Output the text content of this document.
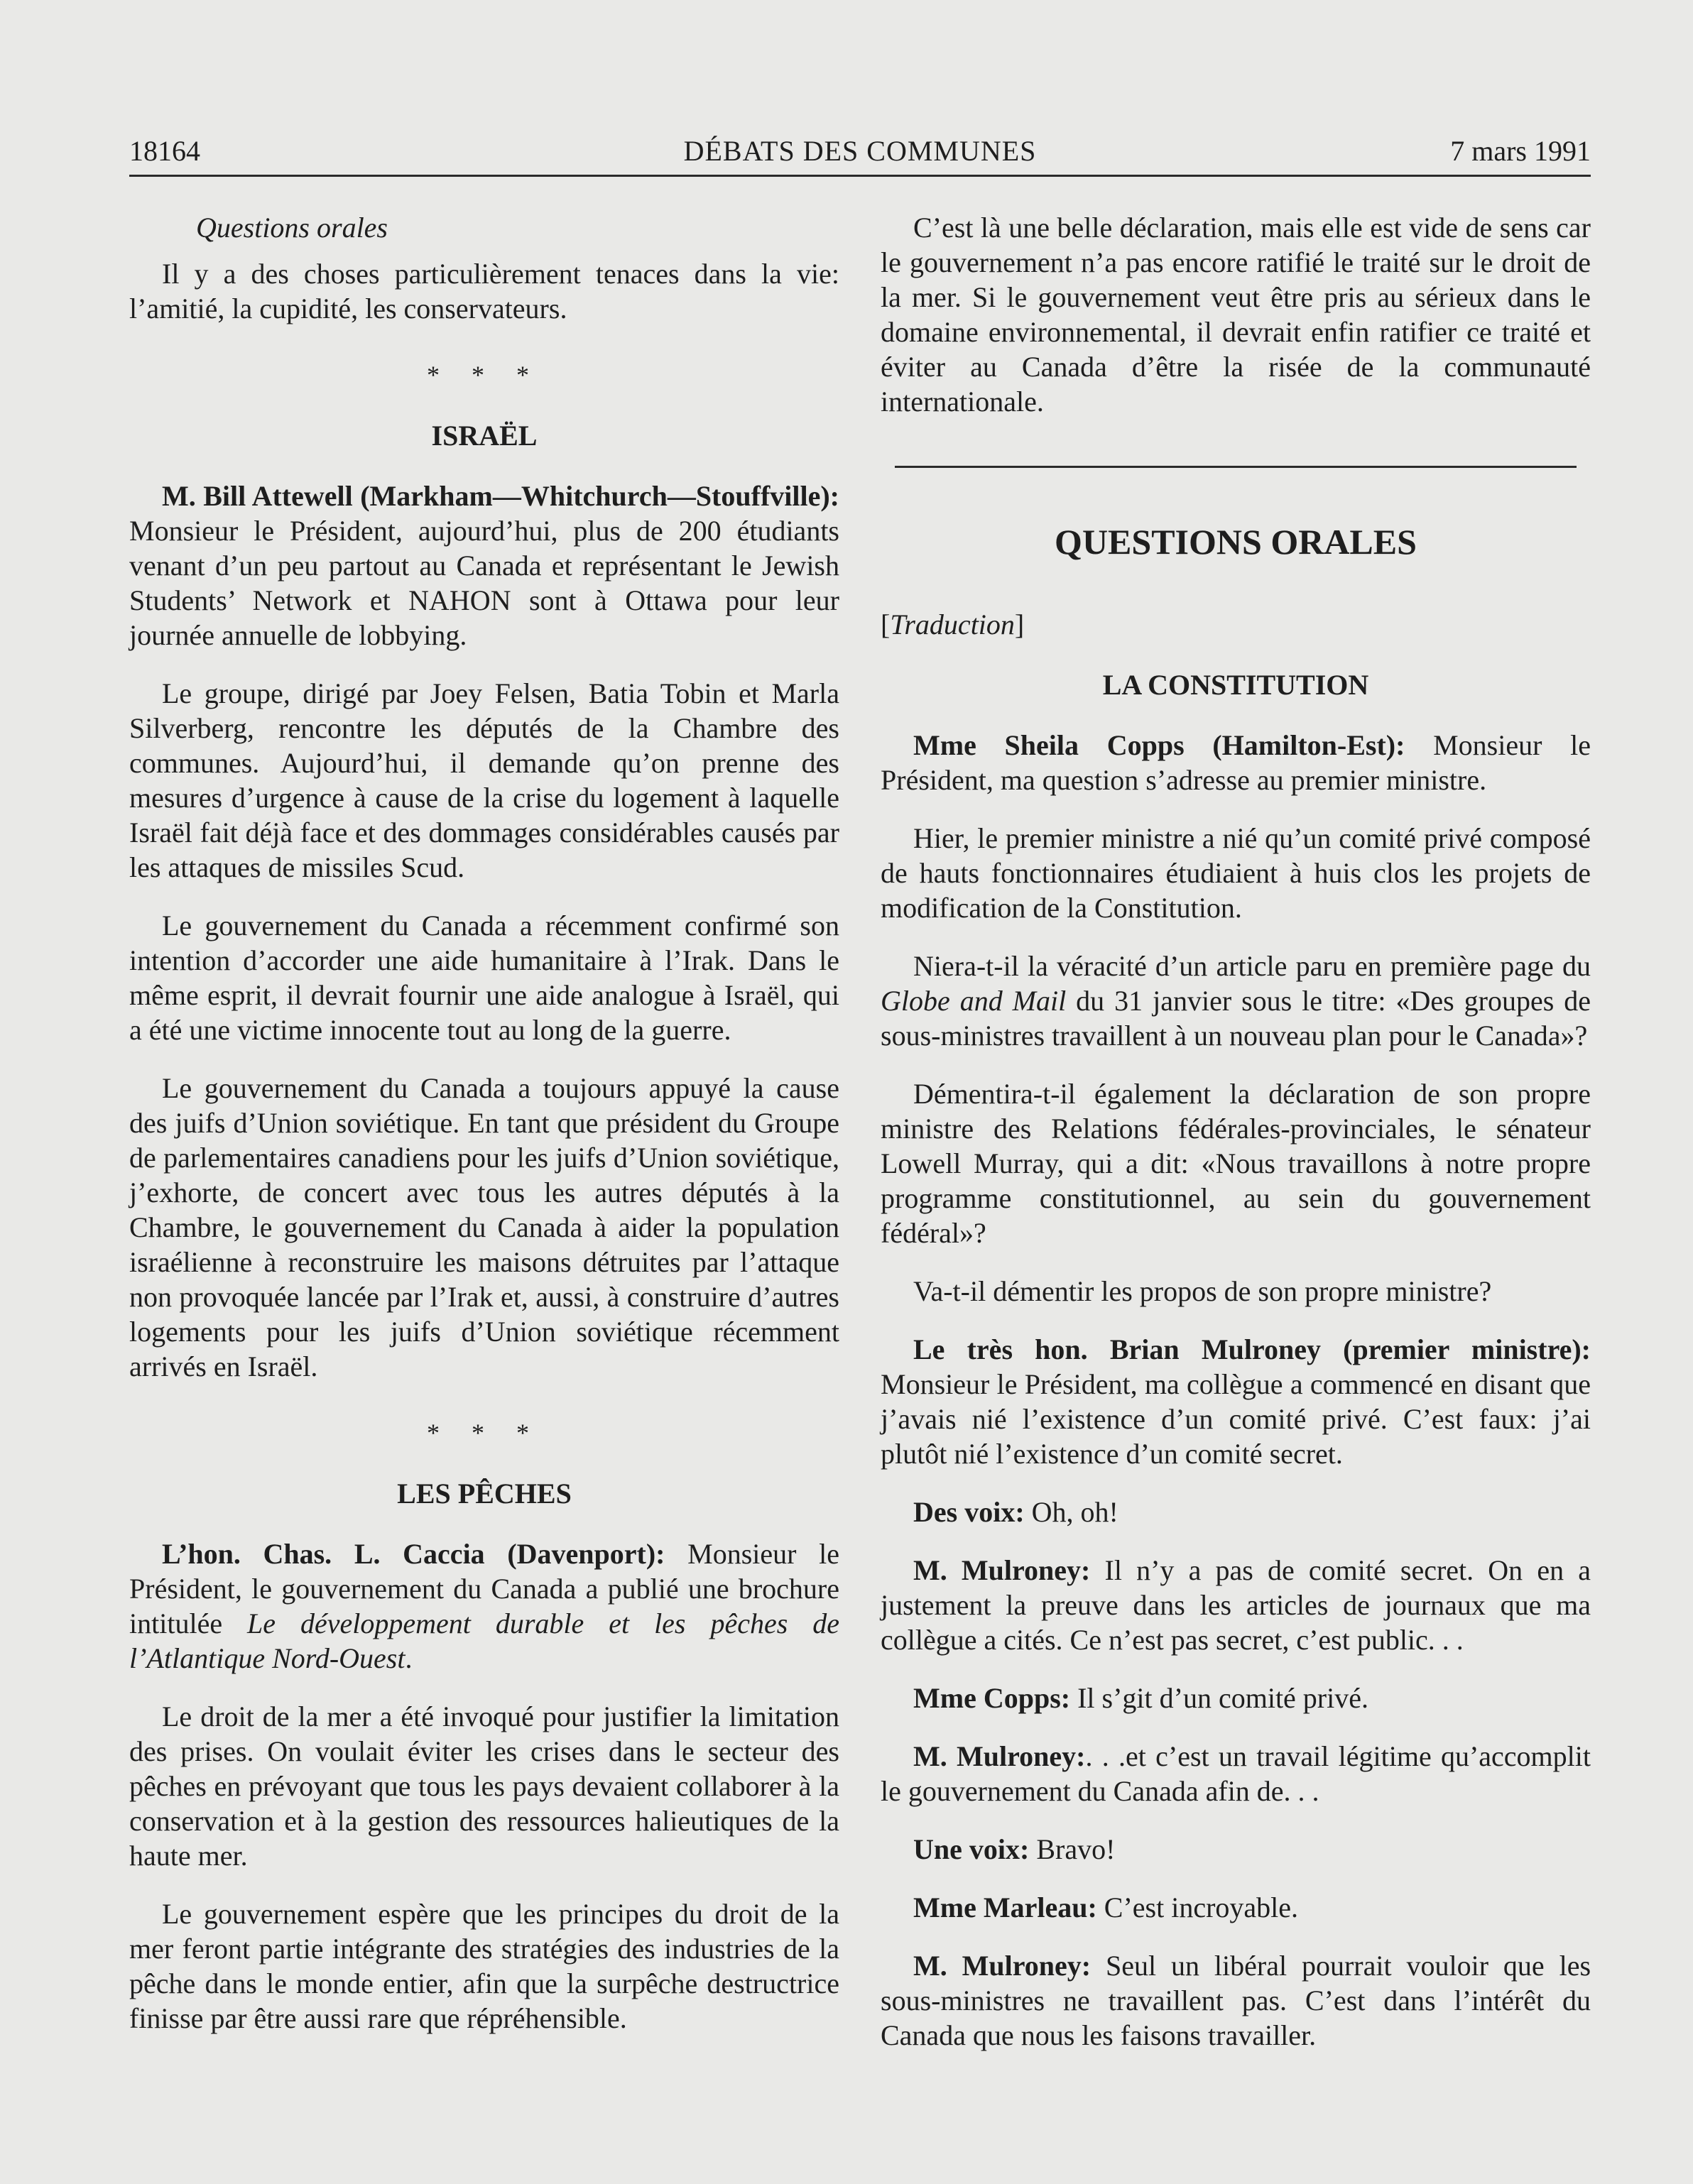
18164	DÉBATS DES COMMUNES	7 mars 1991
Questions orales

Il y a des choses particulièrement tenaces dans la vie: l’amitié, la cupidité, les conservateurs.

* * *
ISRAËL

M. Bill Attewell (Markham—Whitchurch—Stouffville): Monsieur le Président, aujourd’hui, plus de 200 étudiants venant d’un peu partout au Canada et représentant le Jewish Students’ Network et NAHON sont à Ottawa pour leur journée annuelle de lobbying.

Le groupe, dirigé par Joey Felsen, Batia Tobin et Marla Silverberg, rencontre les députés de la Chambre des communes. Aujourd’hui, il demande qu’on prenne des mesures d’urgence à cause de la crise du logement à laquelle Israël fait déjà face et des dommages considérables causés par les attaques de missiles Scud.

Le gouvernement du Canada a récemment confirmé son intention d’accorder une aide humanitaire à l’Irak. Dans le même esprit, il devrait fournir une aide analogue à Israël, qui a été une victime innocente tout au long de la guerre.

Le gouvernement du Canada a toujours appuyé la cause des juifs d’Union soviétique. En tant que président du Groupe de parlementaires canadiens pour les juifs d’Union soviétique, j’exhorte, de concert avec tous les autres députés à la Chambre, le gouvernement du Canada à aider la population israélienne à reconstruire les maisons détruites par l’attaque non provoquée lancée par l’Irak et, aussi, à construire d’autres logements pour les juifs d’Union soviétique récemment arrivés en Israël.

* * *
LES PÊCHES

L’hon. Chas. L. Caccia (Davenport): Monsieur le Président, le gouvernement du Canada a publié une brochure intitulée Le développement durable et les pêches de l’Atlantique Nord-Ouest.

Le droit de la mer a été invoqué pour justifier la limitation des prises. On voulait éviter les crises dans le secteur des pêches en prévoyant que tous les pays devaient collaborer à la conservation et à la gestion des ressources halieutiques de la haute mer.

Le gouvernement espère que les principes du droit de la mer feront partie intégrante des stratégies des industries de la pêche dans le monde entier, afin que la surpêche destructrice finisse par être aussi rare que répréhensible.

C’est là une belle déclaration, mais elle est vide de sens car le gouvernement n’a pas encore ratifié le traité sur le droit de la mer. Si le gouvernement veut être pris au sérieux dans le domaine environnemental, il devrait enfin ratifier ce traité et éviter au Canada d’être la risée de la communauté internationale.

QUESTIONS ORALES
[Traduction]
LA CONSTITUTION

Mme Sheila Copps (Hamilton-Est): Monsieur le Président, ma question s’adresse au premier ministre.

Hier, le premier ministre a nié qu’un comité privé composé de hauts fonctionnaires étudiaient à huis clos les projets de modification de la Constitution.

Niera-t-il la véracité d’un article paru en première page du Globe and Mail du 31 janvier sous le titre: «Des groupes de sous-ministres travaillent à un nouveau plan pour le Canada»?

Démentira-t-il également la déclaration de son propre ministre des Relations fédérales-provinciales, le sénateur Lowell Murray, qui a dit: «Nous travaillons à notre propre programme constitutionnel, au sein du gouvernement fédéral»?

Va-t-il démentir les propos de son propre ministre?

Le très hon. Brian Mulroney (premier ministre): Monsieur le Président, ma collègue a commencé en disant que j’avais nié l’existence d’un comité privé. C’est faux: j’ai plutôt nié l’existence d’un comité secret.

Des voix: Oh, oh!

M. Mulroney: Il n’y a pas de comité secret. On en a justement la preuve dans les articles de journaux que ma collègue a cités. Ce n’est pas secret, c’est public. . .

Mme Copps: Il s’git d’un comité privé.

M. Mulroney:. . .et c’est un travail légitime qu’accomplit le gouvernement du Canada afin de. . .

Une voix: Bravo!

Mme Marleau: C’est incroyable.

M. Mulroney: Seul un libéral pourrait vouloir que les sous-ministres ne travaillent pas. C’est dans l’intérêt du Canada que nous les faisons travailler.
